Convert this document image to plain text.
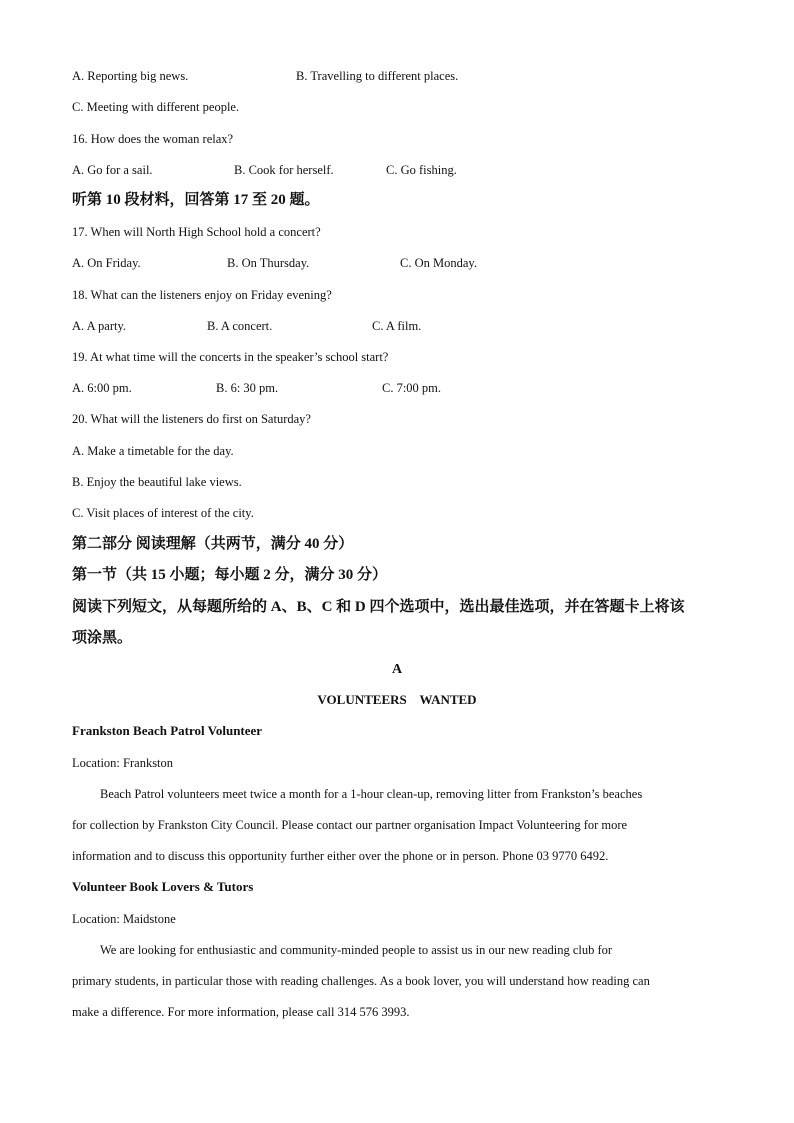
A. Reporting big news.	B. Travelling to different places.
C. Meeting with different people.
16. How does the woman relax?
A. Go for a sail.	B. Cook for herself.	C. Go fishing.
听第 10 段材料，回答第 17 至 20 题。
17. When will North High School hold a concert?
A. On Friday.	B. On Thursday.	C. On Monday.
18. What can the listeners enjoy on Friday evening?
A. A party.	B. A concert.	C. A film.
19. At what time will the concerts in the speaker’s school start?
A. 6:00 pm.	B. 6: 30 pm.	C. 7:00 pm.
20. What will the listeners do first on Saturday?
A. Make a timetable for the day.
B. Enjoy the beautiful lake views.
C. Visit places of interest of the city.
第二部分 阅读理解（共两节，满分 40 分）
第一节（共 15 小题；每小题 2 分，满分 30 分）
阅读下列短文，从每题所给的 A、B、C 和 D 四个选项中，选出最佳选项，并在答题卡上将该
项涂黑。
A
VOLUNTEERS    WANTED
Frankston Beach Patrol Volunteer
Location: Frankston
Beach Patrol volunteers meet twice a month for a 1-hour clean-up, removing litter from Frankston’s beaches
for collection by Frankston City Council. Please contact our partner organisation Impact Volunteering for more
information and to discuss this opportunity further either over the phone or in person. Phone 03 9770 6492.
Volunteer Book Lovers & Tutors
Location: Maidstone
We are looking for enthusiastic and community-minded people to assist us in our new reading club for
primary students, in particular those with reading challenges. As a book lover, you will understand how reading can
make a difference. For more information, please call 314 576 3993.
